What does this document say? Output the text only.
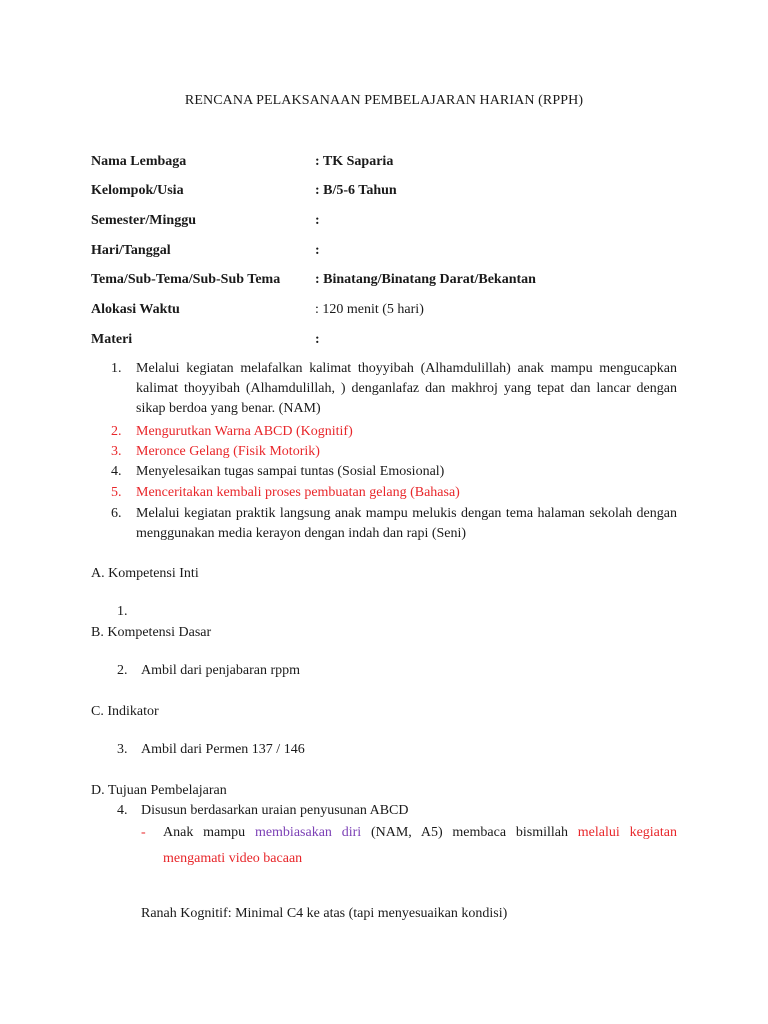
RENCANA PELAKSANAAN PEMBELAJARAN HARIAN (RPPH)
Nama Lembaga	: TK Saparia
Kelompok/Usia	: B/5-6 Tahun
Semester/Minggu	:
Hari/Tanggal	:
Tema/Sub-Tema/Sub-Sub Tema : Binatang/Binatang Darat/Bekantan
Alokasi Waktu	: 120 menit (5 hari)
Materi	:
1.	Melalui kegiatan melafalkan kalimat thoyyibah (Alhamdulillah) anak mampu mengucapkan kalimat thoyyibah (Alhamdulillah, ) denganlafaz dan makhroj yang tepat dan lancar dengan sikap berdoa yang benar. (NAM)
2.	Mengurutkan Warna ABCD (Kognitif)
3.	Meronce Gelang (Fisik Motorik)
4.	Menyelesaikan tugas sampai tuntas (Sosial Emosional)
5.	Menceritakan kembali proses pembuatan gelang (Bahasa)
6.	Melalui kegiatan praktik langsung anak mampu melukis dengan tema halaman sekolah dengan menggunakan media kerayon dengan indah dan rapi (Seni)
A. Kompetensi Inti
1.
B. Kompetensi Dasar
2. Ambil dari penjabaran rppm
C. Indikator
3. Ambil dari Permen 137 / 146
D. Tujuan Pembelajaran
4. Disusun berdasarkan uraian penyusunan ABCD
- Anak mampu membiasakan diri (NAM, A5) membaca bismillah melalui kegiatan
mengamati video bacaan
Ranah Kognitif: Minimal C4 ke atas (tapi menyesuaikan kondisi)
